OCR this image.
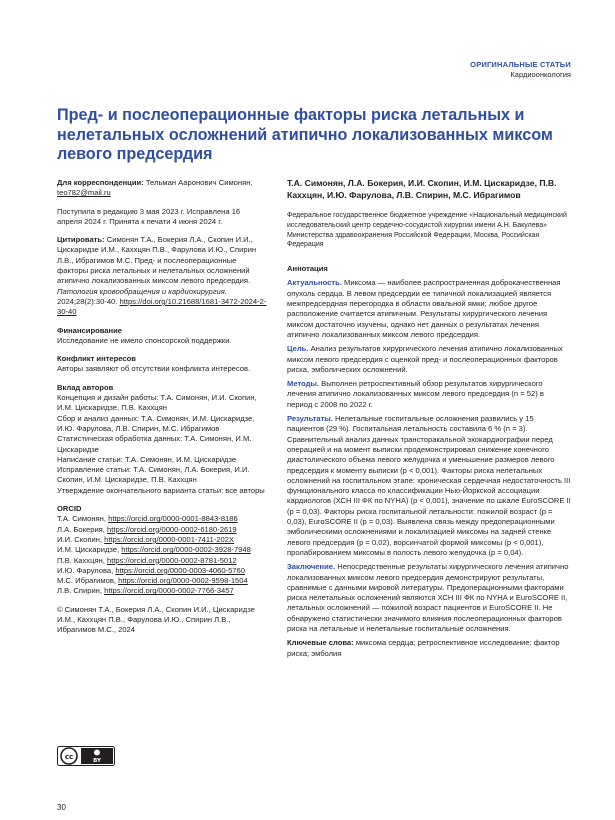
ОРИГИНАЛЬНЫЕ СТАТЬИ
Кардиоонкология
Пред- и послеоперационные факторы риска летальных и нелетальных осложнений атипично локализованных миксом левого предсердия

Для корреспонденции: Тельман Ааронович Симонян, teo782@mail.ru

Поступила в редакцию 3 мая 2023 г. Исправлена 16 апреля 2024 г. Принята к печати 4 июня 2024 г.

Цитировать: Симонян Т.А., Бокерия Л.А., Скопин И.И., Цискаридзе И.М., Каххцян П.В., Фарулова И.Ю., Спирин Л.В., Ибрагимов М.С. Пред- и послеоперационные факторы риска летальных и нелетальных осложнений атипично локализованных миксом левого предсердия. Патология кровообращения и кардиохирургия. 2024;28(2):30-40. https://doi.org/10.21688/1681-3472-2024-2-30-40

Финансирование
Исследование не имело спонсорской поддержки.

Конфликт интересов
Авторы заявляют об отсутствии конфликта интересов.

Вклад авторов

Концепция и дизайн работы: Т.А. Симонян, И.И. Скопин, И.М. Цискаридзе, П.В. Каххцян

Сбор и анализ данных: Т.А. Симонян, И.М. Цискаридзе, И.Ю. Фарулова, Л.В. Спирин, М.С. Ибрагимов

Статистическая обработка данных: Т.А. Симонян, И.М. Цискаридзе

Написание статьи: Т.А. Симонян, И.М. Цискаридзе

Исправление статьи: Т.А. Симонян, Л.А. Бокерия, И.И. Скопин, И.М. Цискаридзе, П.В. Каххцян

Утверждение окончательного варианта статьи: все авторы

ORCID

Т.А. Симонян, https://orcid.org/0000-0001-8843-8186

Л.А. Бокерия, https://orcid.org/0000-0002-6180-2619

И.И. Скопин, https://orcid.org/0000-0001-7411-202X

И.М. Цискаридзе, https://orcid.org/0000-0002-3928-7948

П.В. Каххцян, https://orcid.org/0000-0002-8781-5012

И.Ю. Фарулова, https://orcid.org/0000-0003-4060-5760

М.С. Ибрагимов, https://orcid.org/0000-0002-9598-1504

Л.В. Спирин, https://orcid.org/0000-0002-7766-3457

© Симонян Т.А., Бокерия Л.А., Скопин И.И., Цискаридзе И.М., Каххцян П.В., Фарулова И.Ю., Спирин Л.В., Ибрагимов М.С., 2024

cc
BY

Т.А. Симонян, Л.А. Бокерия, И.И. Скопин, И.М. Цискаридзе, П.В. Каххцян, И.Ю. Фарулова, Л.В. Спирин, М.С. Ибрагимов

Федеральное государственное бюджетное учреждение «Национальный медицинский исследовательский центр сердечно-сосудистой хирургии имени А.Н. Бакулева» Министерства здравоохранения Российской Федерации, Москва, Российская Федерация

Аннотация

Актуальность. Миксома — наиболее распространенная доброкачественная опухоль сердца. В левом предсердии ее типичной локализацией является межпредсердная перегородка в области овальной ямки; любое другое расположение считается атипичным. Результаты хирургического лечения миксом достаточно изучены, однако нет данных о результатах лечения атипично локализованных миксом левого предсердия.

Цель. Анализ результатов хирургического лечения атипично локализованных миксом левого предсердия с оценкой пред- и послеоперационных факторов риска, эмболических осложнений.

Методы. Выполнен ретроспективный обзор результатов хирургического лечения атипично локализованных миксом левого предсердия (n = 52) в период с 2008 по 2022 г.

Результаты. Нелетальные госпитальные осложнения развились у 15 пациентов (29 %). Госпитальная летальность составила 6 % (n = 3). Сравнительный анализ данных трансторакальной эхокардиографии перед операцией и на момент выписки продемонстрировал снижение конечного диастолического объема левого желудочка и уменьшение размеров левого предсердия к моменту выписки (p < 0,001). Факторы риска нелетальных осложнений на госпитальном этапе: хроническая сердечная недостаточность III функционального класса по классификации Нью-Йоркской ассоциации кардиологов (ХСН III ФК по NYHA) (p < 0,001), значение по шкале EuroSCORE II (p = 0,03). Факторы риска госпитальной летальности: пожилой возраст (p = 0,03), EuroSCORE II (p = 0,03). Выявлена связь между предоперационными эмболическими осложнениями и локализацией миксомы на задней стенке левого предсердия (p = 0,02), ворсинчатой формой миксомы (p < 0,001), пролабированием миксомы в полость левого желудочка (p = 0,04).

Заключение. Непосредственные результаты хирургического лечения атипично локализованных миксом левого предсердия демонстрируют результаты, сравнимые с данными мировой литературы. Предоперационными факторами риска нелетальных осложнений являются ХСН III ФК по NYHA и EuroSCORE II, летальных осложнений — пожилой возраст пациентов и EuroSCORE II. Не обнаружено статистически значимого влияния послеоперационных факторов риска на летальные и нелетальные госпитальные осложнения.

Ключевые слова: миксома сердца; ретроспективное исследование; фактор риска; эмболия

30
